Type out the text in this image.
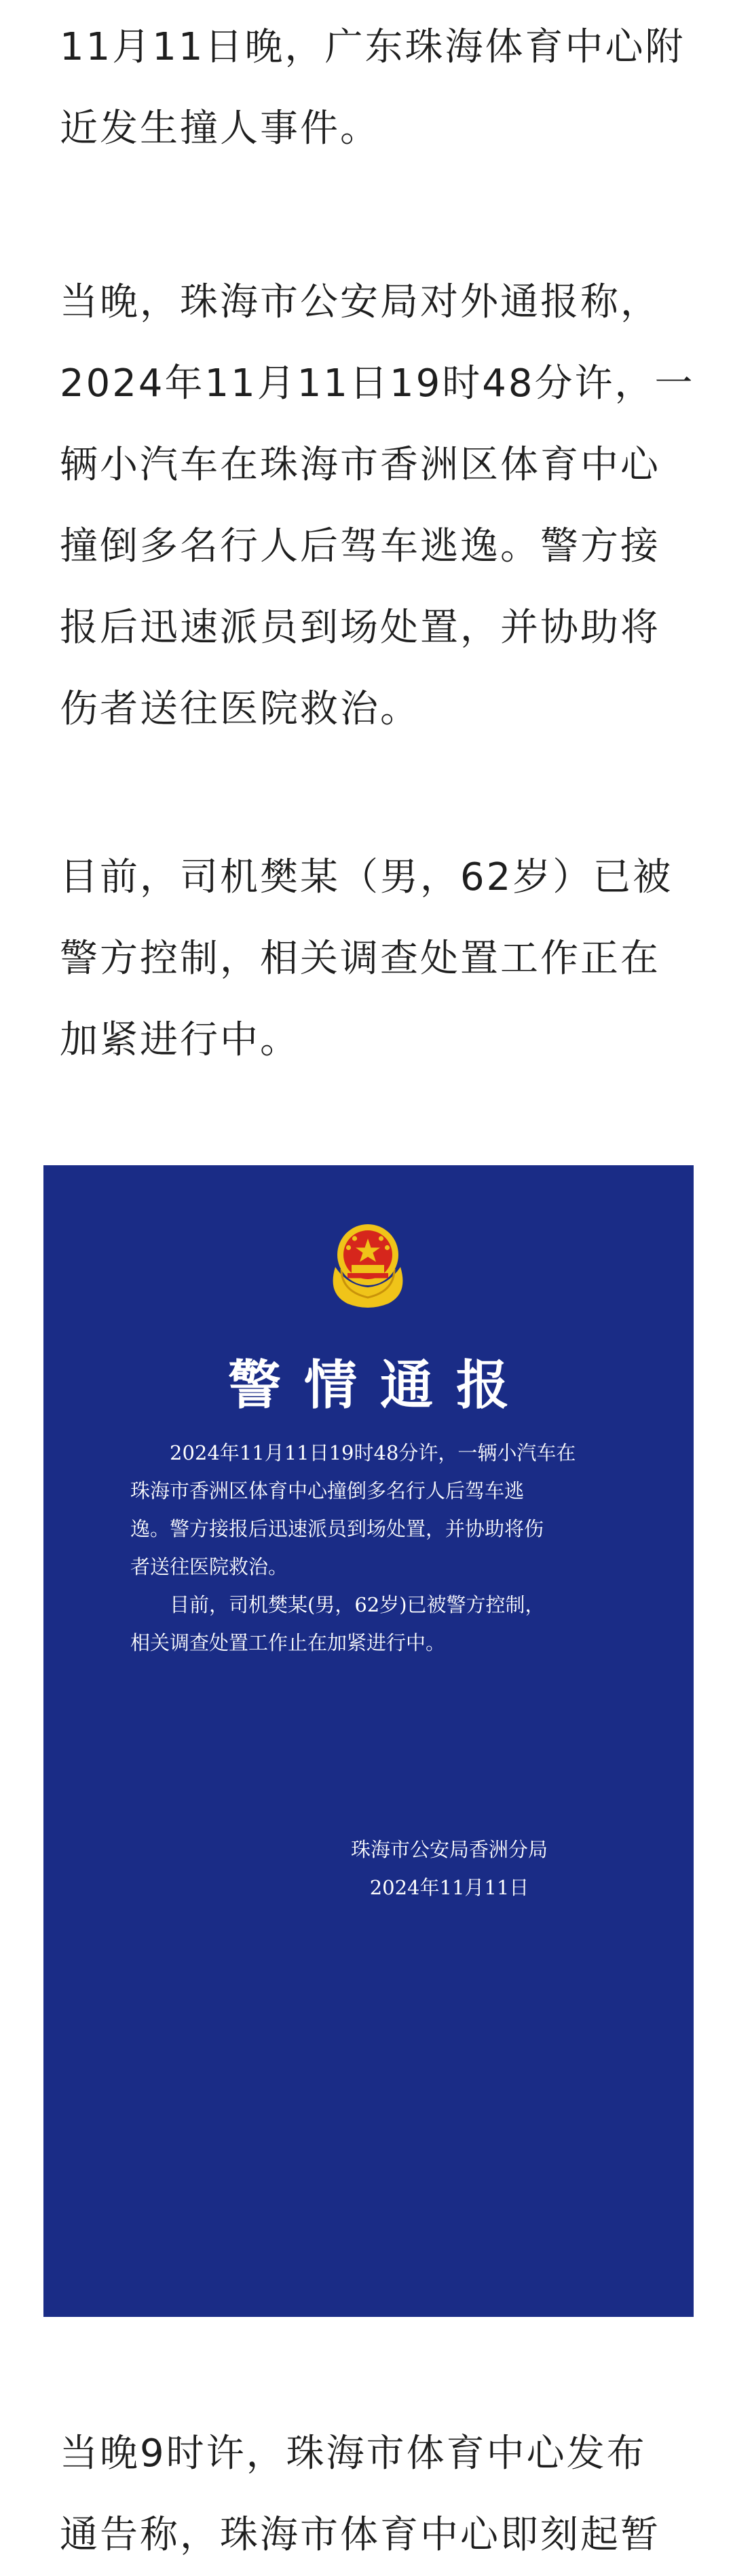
11月11日晚，广东珠海体育中心附
近发生撞人事件。

当晚，珠海市公安局对外通报称，
2024年11月11日19时48分许，一
辆小汽车在珠海市香洲区体育中心
撞倒多名行人后驾车逃逸。警方接
报后迅速派员到场处置，并协助将
伤者送往医院救治。

目前，司机樊某（男，62岁）已被
警方控制，相关调查处置工作正在
加紧进行中。

警情通报
　　2024年11月11日19时48分许，一辆小汽车在
珠海市香洲区体育中心撞倒多名行人后驾车逃
逸。警方接报后迅速派员到场处置，并协助将伤
者送往医院救治。
　　目前，司机樊某(男，62岁)已被警方控制，
相关调查处置工作止在加紧进行中。
珠海市公安局香洲分局
2024年11月11日

当晚9时许，珠海市体育中心发布
通告称，珠海市体育中心即刻起暂
